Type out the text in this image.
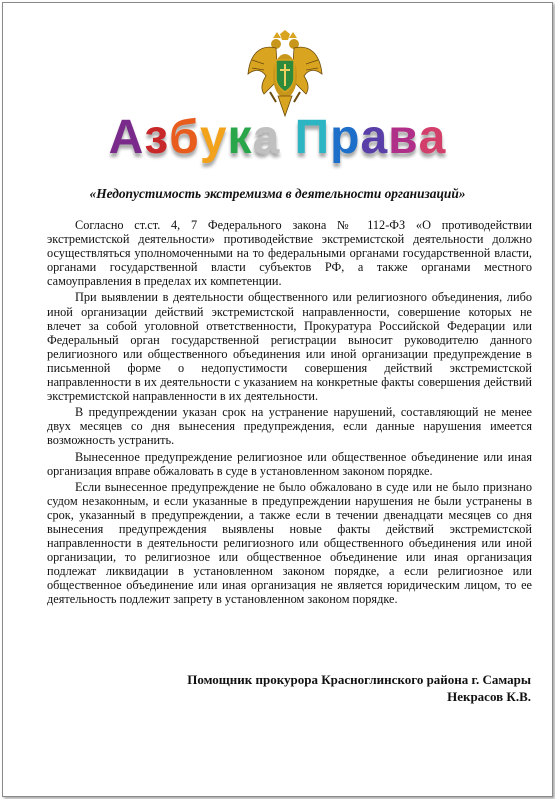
Азбука Права
«Недопустимость экстремизма в деятельности организаций»

Согласно ст.ст. 4, 7 Федерального закона № 112-ФЗ «О противодействии экстремистской деятельности» противодействие экстремистской деятельности должно осуществляться уполномоченными на то федеральными органами государственной власти, органами государственной власти субъектов РФ, а также органами местного самоуправления в пределах их компетенции.

При выявлении в деятельности общественного или религиозного объединения, либо иной организации действий экстремистской направленности, совершение которых не влечет за собой уголовной ответственности, Прокуратура Российской Федерации или Федеральный орган государственной регистрации выносит руководителю данного религиозного или общественного объединения или иной организации предупреждение в письменной форме о недопустимости совершения действий экстремистской направленности в их деятельности с указанием на конкретные факты совершения действий экстремистской направленности в их деятельности.

В предупреждении указан срок на устранение нарушений, составляющий не менее двух месяцев со дня вынесения предупреждения, если данные нарушения имеется возможность устранить.

Вынесенное предупреждение религиозное или общественное объединение или иная организация вправе обжаловать в суде в установленном законом порядке.

Если вынесенное предупреждение не было обжаловано в суде или не было признано судом незаконным, и если указанные в предупреждении нарушения не были устранены в срок, указанный в предупреждении, а также если в течении двенадцати месяцев со дня вынесения предупреждения выявлены новые факты действий экстремистской направленности в деятельности религиозного или общественного объединения или иной организации, то религиозное или общественное объединение или иная организация подлежат ликвидации в установленном законом порядке, а если религиозное или общественное объединение или иная организация не является юридическим лицом, то ее деятельность подлежит запрету в установленном законом порядке.

Помощник прокурора Красноглинского района г. Самары
Некрасов К.В.
